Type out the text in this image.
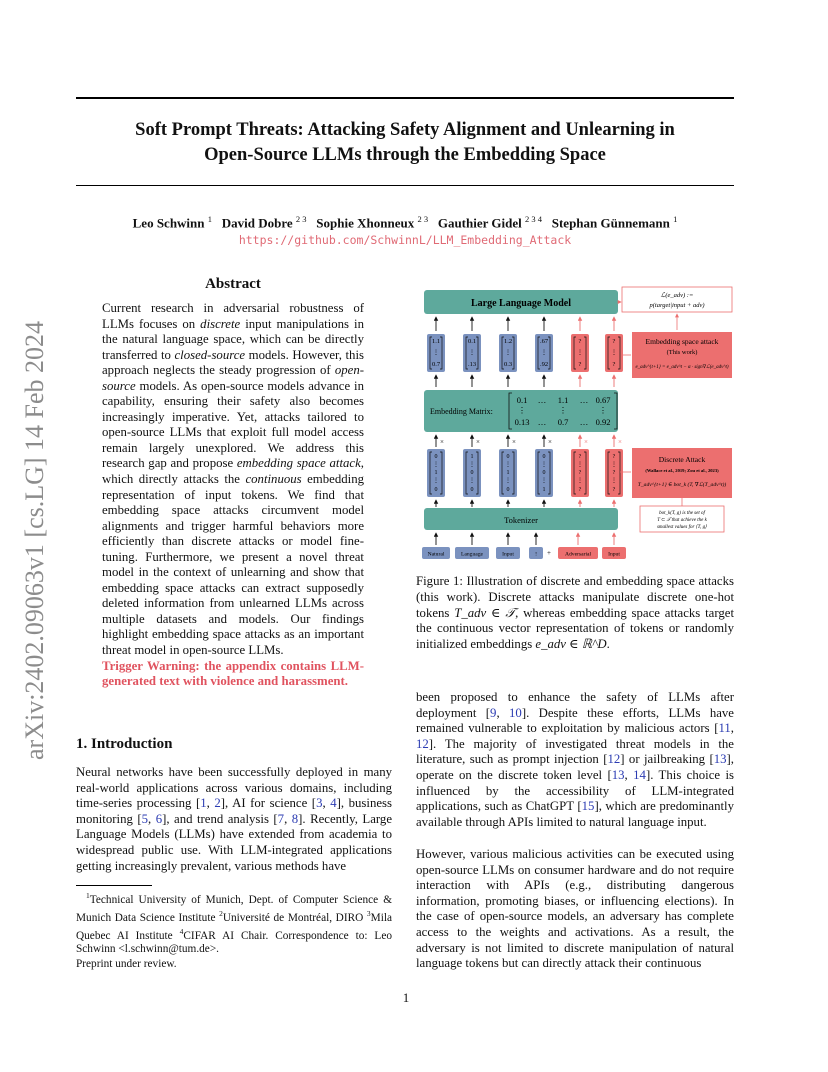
arXiv:2402.09063v1 [cs.LG] 14 Feb 2024
Soft Prompt Threats: Attacking Safety Alignment and Unlearning in
Open-Source LLMs through the Embedding Space
Leo Schwinn $^1$ David Dobre $^{2 3}$ Sophie Xhonneux $^{2 3}$ Gauthier Gidel $^{2 3 4}$ Stephan Günnemann $^1$
https://github.com/SchwinnL/LLM_Embedding_Attack
Abstract
Current research in adversarial robustness of LLMs focuses on discrete input manipulations in the natural language space, which can be directly transferred to closed-source models. However, this approach neglects the steady progression of open-source models. As open-source models advance in capability, ensuring their safety also becomes increasingly imperative. Yet, attacks tailored to open-source LLMs that exploit full model access remain largely unexplored. We address this research gap and propose embedding space attack, which directly attacks the continuous embedding representation of input tokens. We find that embedding space attacks circumvent model alignments and trigger harmful behaviors more efficiently than discrete attacks or model fine-tuning. Furthermore, we present a novel threat model in the context of unlearning and show that embedding space attacks can extract supposedly deleted information from unlearned LLMs across multiple datasets and models. Our findings highlight embedding space attacks as an important threat model in open-source LLMs.
Trigger Warning: the appendix contains LLM-generated text with violence and harassment.
1. Introduction
Neural networks have been successfully deployed in many real-world applications across various domains, including time-series processing [1, 2], AI for science [3, 4], business monitoring [5, 6], and trend analysis [7, 8]. Recently, Large Language Models (LLMs) have extended from academia to widespread public use. With LLM-integrated applications getting increasingly prevalent, various methods have
$^1$Technical University of Munich, Dept. of Computer Science & Munich Data Science Institute $^2$Université de Montréal, DIRO $^3$Mila Quebec AI Institute $^4$CIFAR AI Chair. Correspondence to: Leo Schwinn <l.schwinn@tum.de>.
Preprint under review.
1
Large Language Model
ℒ(e_adv) :=
p(target|input + adv)
Embedding space attack
(This work)
e_adv^{t+1} = e_adv^t − α · sign∇ℒ(e_adv^t)
1.1
⋮
0.7
0.1
⋮
.13
1.2
⋮
0.3
.67
⋮
.92
?
⋮
?
?
⋮
?
Embedding Matrix:
0.1 … 1.1 … 0.67
⋮	⋮	⋮
0.13 … 0.7 … 0.92
×	×	×	×	×	×
0
⋮
1
⋮
0
1
⋮
0
⋮
0
0
⋮
1
⋮
0
0
⋮
0
⋮
1
?
⋮
?
⋮
?
?
⋮
?
⋮
?
Discrete Attack
(Wallace et al., 2019; Zou et al., 2023)
T_adv^{t+1} ∈ bot_k (T, ∇ℒ(T_adv^t))
bot_k(T, g) is the set of
T ⊂ 𝒯 that achieve the k
smallest values for ⟨T, g⟩
Tokenizer
Natural	Language	Input	! + Adversarial	Input
Figure 1: Illustration of discrete and embedding space attacks (this work). Discrete attacks manipulate discrete one-hot tokens T_adv ∈ 𝒯, whereas embedding space attacks target the continuous vector representation of tokens or randomly initialized embeddings e_adv ∈ ℝ^D.
been proposed to enhance the safety of LLMs after deployment [9, 10]. Despite these efforts, LLMs have remained vulnerable to exploitation by malicious actors [11, 12]. The majority of investigated threat models in the literature, such as prompt injection [12] or jailbreaking [13], operate on the discrete token level [13, 14]. This choice is influenced by the accessibility of LLM-integrated applications, such as ChatGPT [15], which are predominantly available through APIs limited to natural language input.
However, various malicious activities can be executed using open-source LLMs on consumer hardware and do not require interaction with APIs (e.g., distributing dangerous information, promoting biases, or influencing elections). In the case of open-source models, an adversary has complete access to the weights and activations. As a result, the adversary is not limited to discrete manipulation of natural language tokens but can directly attack their continuous
